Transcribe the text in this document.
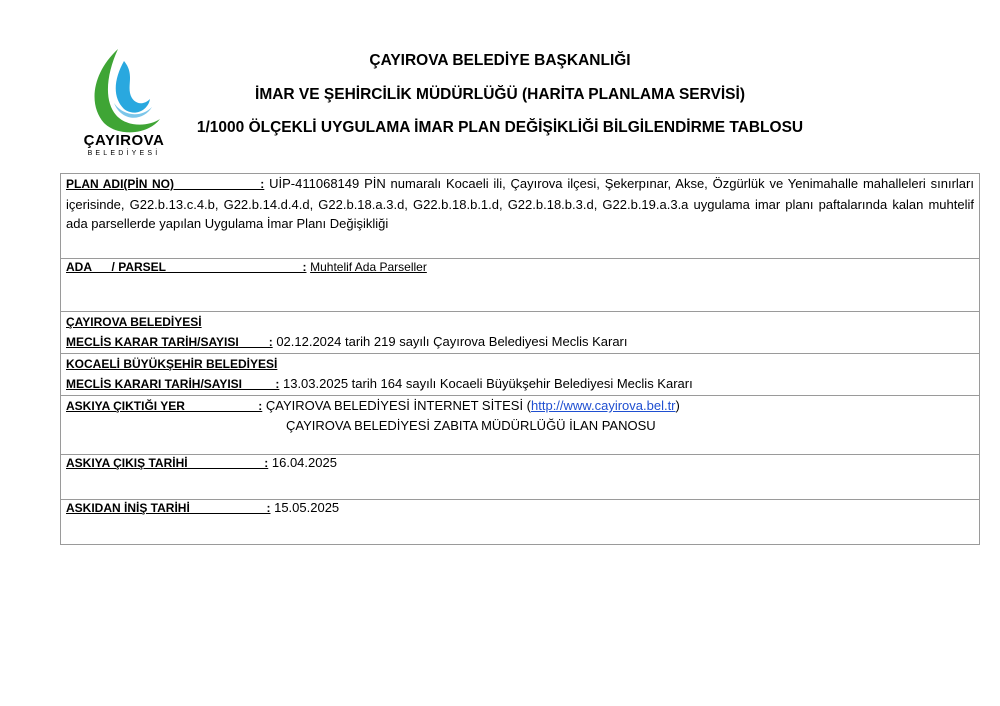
ÇAYIROVA
BELEDİYESİ
ÇAYIROVA BELEDİYE BAŞKANLIĞI
İMAR VE ŞEHİRCİLİK MÜDÜRLÜĞÜ (HARİTA PLANLAMA SERVİSİ)
1/1000 ÖLÇEKLİ UYGULAMA İMAR PLAN DEĞİŞİKLİĞİ BİLGİLENDİRME TABLOSU
PLAN ADI(PİN NO)                   : UİP-411068149 PİN numaralı Kocaeli ili, Çayırova ilçesi, Şekerpınar, Akse, Özgürlük ve Yenimahalle mahalleleri sınırları içerisinde, G22.b.13.c.4.b, G22.b.14.d.4.d, G22.b.18.a.3.d, G22.b.18.b.1.d, G22.b.18.b.3.d, G22.b.19.a.3.a uygulama imar planı paftalarında kalan muhtelif ada parsellerde yapılan Uygulama İmar Planı Değişikliği
ADA      / PARSEL                                         : Muhtelif Ada Parseller

ÇAYIROVA BELEDİYESİ
MECLİS KARAR TARİH/SAYISI         : 02.12.2024 tarih 219 sayılı Çayırova Belediyesi Meclis Kararı

KOCAELİ BÜYÜKŞEHİR BELEDİYESİ
MECLİS KARARI TARİH/SAYISI          : 13.03.2025 tarih 164 sayılı Kocaeli Büyükşehir Belediyesi Meclis Kararı

ASKIYA ÇIKTIĞI YER                      : ÇAYIROVA BELEDİYESİ İNTERNET SİTESİ (http://www.cayirova.bel.tr)
ÇAYIROVA BELEDİYESİ ZABITA MÜDÜRLÜĞÜ İLAN PANOSU

ASKIYA ÇIKIŞ TARİHİ                       : 16.04.2025
ASKIDAN İNİŞ TARİHİ                       : 15.05.2025
